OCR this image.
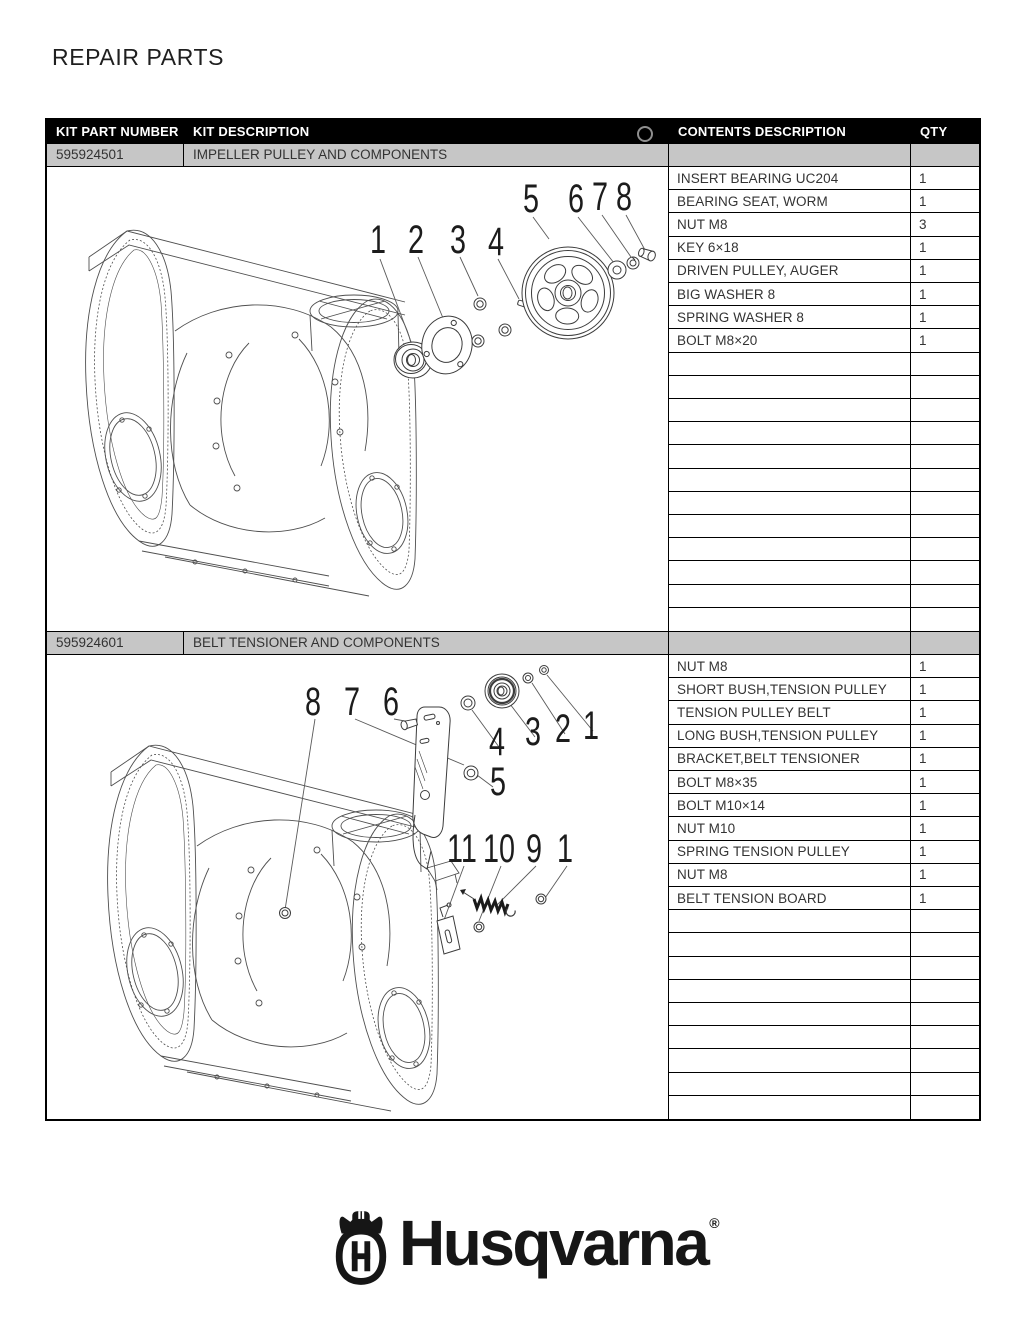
REPAIR PARTS
KIT PART NUMBER	KIT DESCRIPTION	CONTENTS DESCRIPTION	QTY
595924501	IMPELLER PULLEY AND COMPONENTS
1 2 3 4
5 6 7 8	INSERT BEARING UC204	1
BEARING SEAT, WORM	1
NUT M8	3
KEY 6×18	1
DRIVEN PULLEY, AUGER	1
BIG WASHER 8	1
SPRING WASHER 8	1
BOLT M8×20	1
595924601	BELT TENSIONER AND COMPONENTS
8 7 6
4 3 2 1
5
11 10 9 1
NUT M8	1
SHORT BUSH,TENSION PULLEY	1
TENSION PULLEY BELT	1
LONG BUSH,TENSION PULLEY	1
BRACKET,BELT TENSIONER	1
BOLT M8×35	1
BOLT M10×14	1
NUT M10	1
SPRING TENSION PULLEY	1
NUT M8	1
BELT TENSION BOARD	1
Husqvarna ®
